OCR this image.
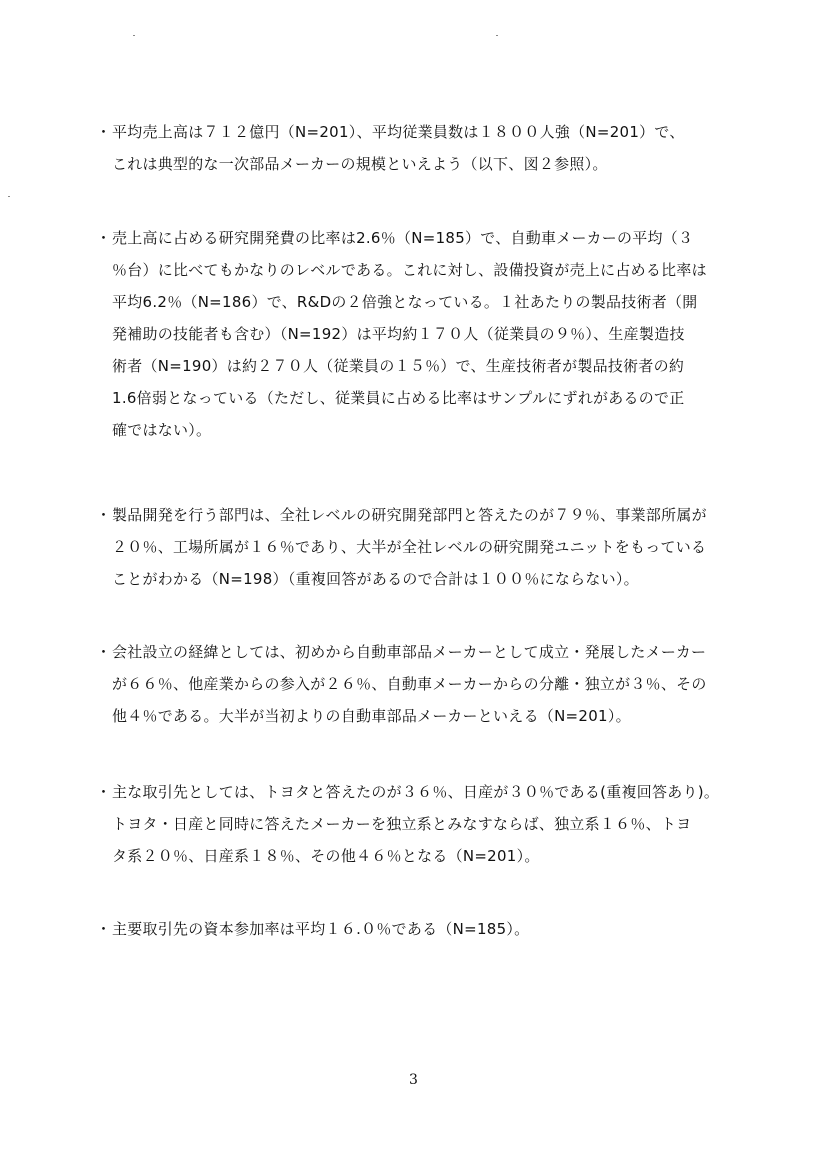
・ 平均売上高は７１２億円（N=201）、平均従業員数は１８００人強（N=201）で、
これは典型的な一次部品メーカーの規模といえよう（以下、図２参照）。
・ 売上高に占める研究開発費の比率は2.6％（N=185）で、自動車メーカーの平均（３
％台）に比べてもかなりのレベルである。これに対し、設備投資が売上に占める比率は
平均6.2％（N=186）で、R&Dの２倍強となっている。１社あたりの製品技術者（開
発補助の技能者も含む）（N=192）は平均約１７０人（従業員の９％）、生産製造技
術者（N=190）は約２７０人（従業員の１５％）で、生産技術者が製品技術者の約
1.6倍弱となっている（ただし、従業員に占める比率はサンプルにずれがあるので正
確ではない）。
・ 製品開発を行う部門は、全社レベルの研究開発部門と答えたのが７９％、事業部所属が
２０％、工場所属が１６％であり、大半が全社レベルの研究開発ユニットをもっている
ことがわかる（N=198）（重複回答があるので合計は１００％にならない）。
・ 会社設立の経緯としては、初めから自動車部品メーカーとして成立・発展したメーカー
が６６％、他産業からの参入が２６％、自動車メーカーからの分離・独立が３％、その
他４％である。大半が当初よりの自動車部品メーカーといえる（N=201）。
・ 主な取引先としては、トヨタと答えたのが３６％、日産が３０％である(重複回答あり)。
トヨタ・日産と同時に答えたメーカーを独立系とみなすならば、独立系１６％、トヨ
タ系２０％、日産系１８％、その他４６％となる（N=201）。
・ 主要取引先の資本参加率は平均１６.０％である（N=185）。
3
